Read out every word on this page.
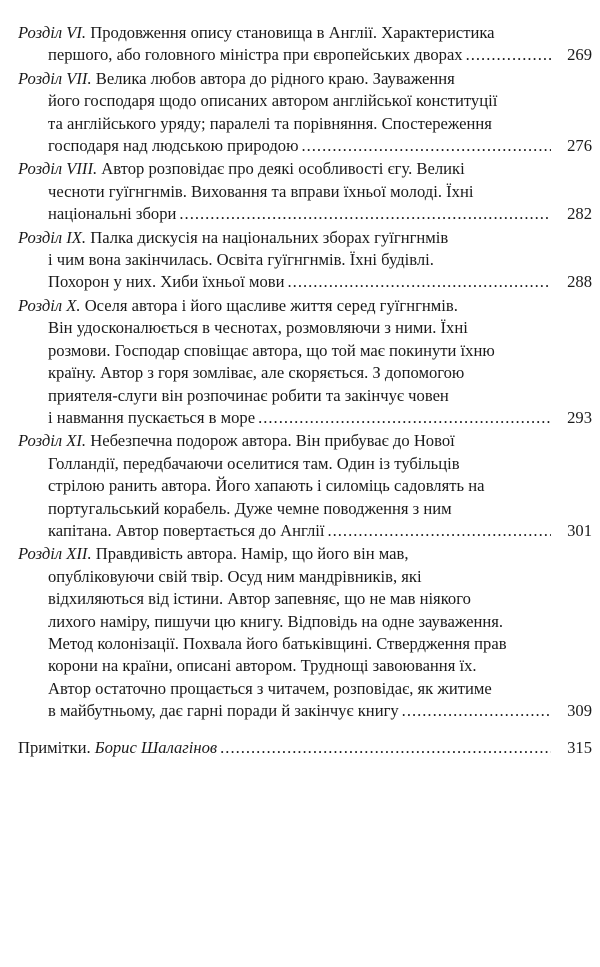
Розділ VI. Продовження опису становища в Англії. Характеристика
першого, або головного міністра при європейських дворах .....	269
Розділ VII. Велика любов автора до рідного краю. Зауваження
його господаря щодо описаних автором англійської конституції
та англійського уряду; паралелі та порівняння. Спостереження
господаря над людською природою .....	276
Розділ VIII. Автор розповідає про деякі особливості єгу. Великі
чесноти гуїгнгнмів. Виховання та вправи їхньої молоді. Їхні
національні збори .....	282
Розділ IX. Палка дискусія на національних зборах гуїгнгнмів
і чим вона закінчилась. Освіта гуїгнгнмів. Їхні будівлі.
Похорон у них. Хиби їхньої мови .....	288
Розділ X. Оселя автора і його щасливе життя серед гуїгнгнмів.
Він удосконалюється в чеснотах, розмовляючи з ними. Їхні
розмови. Господар сповіщає автора, що той має покинути їхню
країну. Автор з горя зомліває, але скоряється. З допомогою
приятеля-слуги він розпочинає робити та закінчує човен
і навмання пускається в море .....	293
Розділ XI. Небезпечна подорож автора. Він прибуває до Нової
Голландії, передбачаючи оселитися там. Один із тубільців
стрілою ранить автора. Його хапають і силоміць садовлять на
португальський корабель. Дуже чемне поводження з ним
капітана. Автор повертається до Англії .....	301
Розділ XII. Правдивість автора. Намір, що його він мав,
опубліковуючи свій твір. Осуд ним мандрівників, які
відхиляються від істини. Автор запевняє, що не мав ніякого
лихого наміру, пишучи цю книгу. Відповідь на одне зауваження.
Метод колонізації. Похвала його батьківщині. Ствердження прав
корони на країни, описані автором. Труднощі завоювання їх.
Автор остаточно прощається з читачем, розповідає, як житиме
в майбутньому, дає гарні поради й закінчує книгу .....	309
Примітки. Борис Шалагінов .....	315
